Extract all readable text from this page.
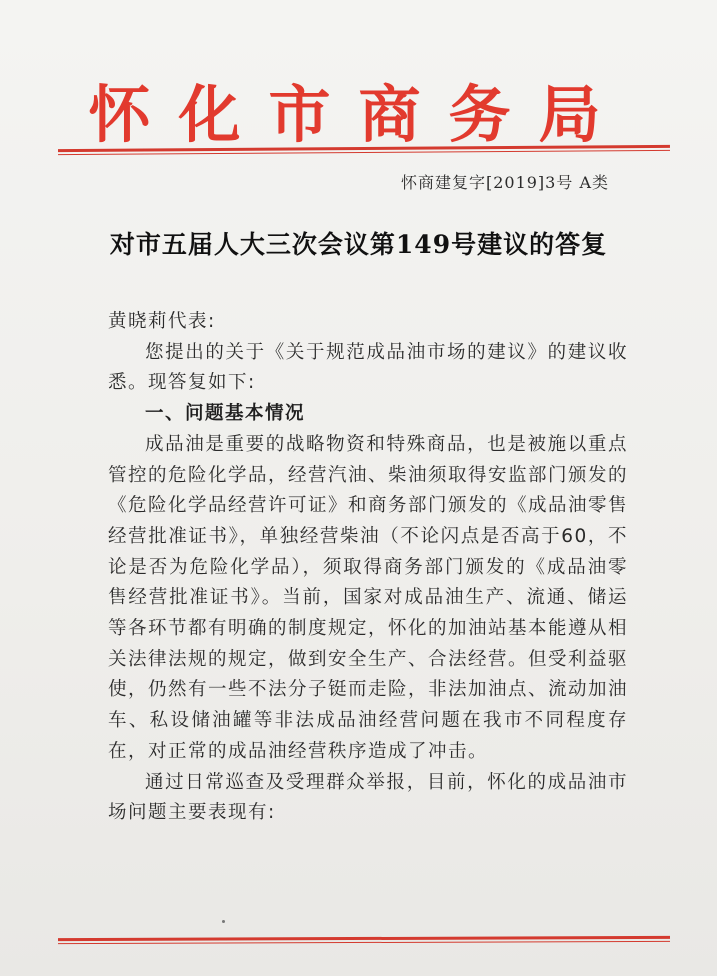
怀化市商务局
怀商建复字[2019]3号 A类
对市五届人大三次会议第149号建议的答复

黄晓莉代表:

您提出的关于《关于规范成品油市场的建议》的建议收悉。现答复如下:

一、问题基本情况

成品油是重要的战略物资和特殊商品，也是被施以重点管控的危险化学品，经营汽油、柴油须取得安监部门颁发的《危险化学品经营许可证》和商务部门颁发的《成品油零售经营批准证书》，单独经营柴油（不论闪点是否高于60，不论是否为危险化学品），须取得商务部门颁发的《成品油零售经营批准证书》。当前，国家对成品油生产、流通、储运等各环节都有明确的制度规定，怀化的加油站基本能遵从相关法律法规的规定，做到安全生产、合法经营。但受利益驱使，仍然有一些不法分子铤而走险，非法加油点、流动加油车、私设储油罐等非法成品油经营问题在我市不同程度存在，对正常的成品油经营秩序造成了冲击。

通过日常巡查及受理群众举报，目前，怀化的成品油市场问题主要表现有:
